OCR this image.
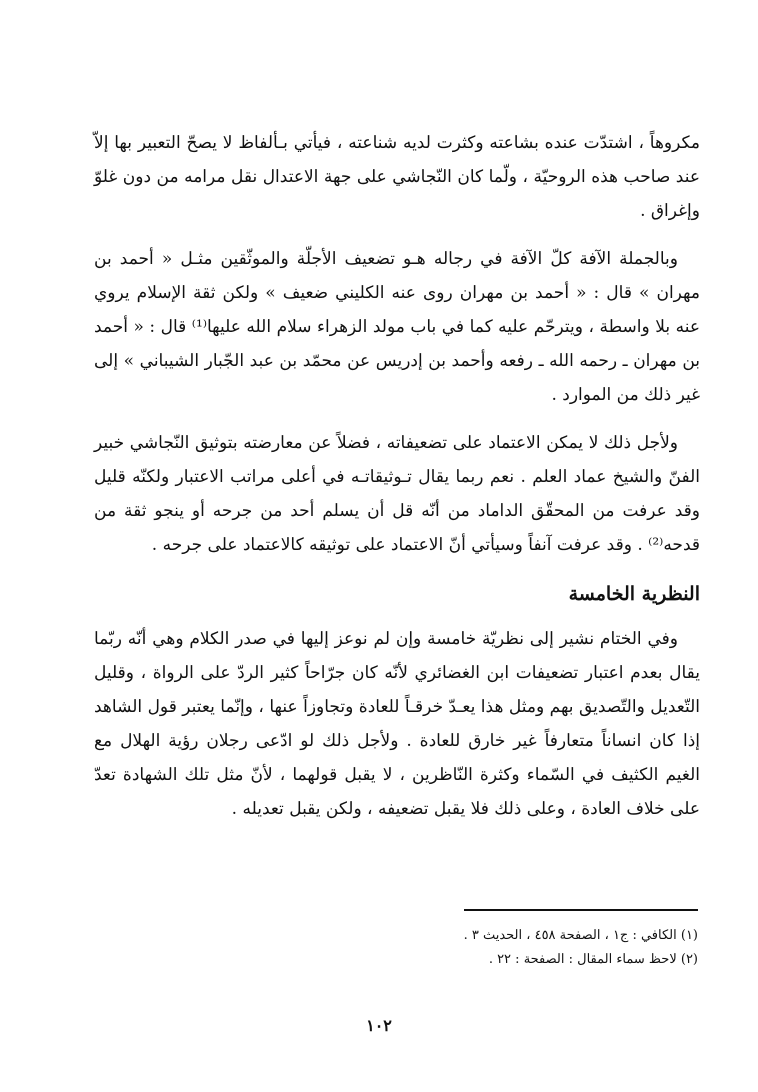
مكروهاً ، اشتدّت عنده بشاعته وكثرت لديه شناعته ، فيأتي بـألفاظ لا يصحّ التعبير بها إلاّ عند صاحب هذه الروحيّة ، ولّما كان النّجاشي على جهة الاعتدال نقل مرامه من دون غلوّ وإغراق .

وبالجملة الآفة كلّ الآفة في رجاله هـو تضعيف الأجلّة والموثّقين مثـل « أحمد بن مهران » قال : « أحمد بن مهران روى عنه الكليني ضعيف » ولكن ثقة الإسلام يروي عنه بلا واسطة ، ويترحّم عليه كما في باب مولد الزهراء سلام الله عليها⁽¹⁾ قال : « أحمد بن مهران ـ رحمه الله ـ رفعه وأحمد بن إدريس عن محمّد بن عبد الجّبار الشيباني » إلى غير ذلك من الموارد .

ولأجل ذلك لا يمكن الاعتماد على تضعيفاته ، فضلاً عن معارضته بتوثيق النّجاشي خبير الفنّ والشيخ عماد العلم . نعم ربما يقال تـوثيقاتـه في أعلى مراتب الاعتبار ولكنّه قليل وقد عرفت من المحقّق الداماد من أنّه قل أن يسلم أحد من جرحه أو ينجو ثقة من قدحه⁽²⁾ . وقد عرفت آنفاً وسيأتي أنّ الاعتماد على توثيقه كالاعتماد على جرحه .

النظرية الخامسة

وفي الختام نشير إلى نظريّة خامسة وإن لم نوعز إليها في صدر الكلام وهي أنّه ربّما يقال بعدم اعتبار تضعيفات ابن الغضائري لأنّه كان جرّاحاً كثير الردّ على الرواة ، وقليل التّعديل والتّصديق بهم ومثل هذا يعـدّ خرقـاً للعادة وتجاوزاً عنها ، وإنّما يعتبر قول الشاهد إذا كان انساناً متعارفاً غير خارق للعادة . ولأجل ذلك لو ادّعى رجلان رؤية الهلال مع الغيم الكثيف في السّماء وكثرة النّاظرين ، لا يقبل قولهما ، لأنّ مثل تلك الشهادة تعدّ على خلاف العادة ، وعلى ذلك فلا يقبل تضعيفه ، ولكن يقبل تعديله .

(١) الكافي : ج١ ، الصفحة ٤٥٨ ، الحديث ٣ .

(٢) لاحظ سماء المقال : الصفحة : ٢٢ .

١٠٢
